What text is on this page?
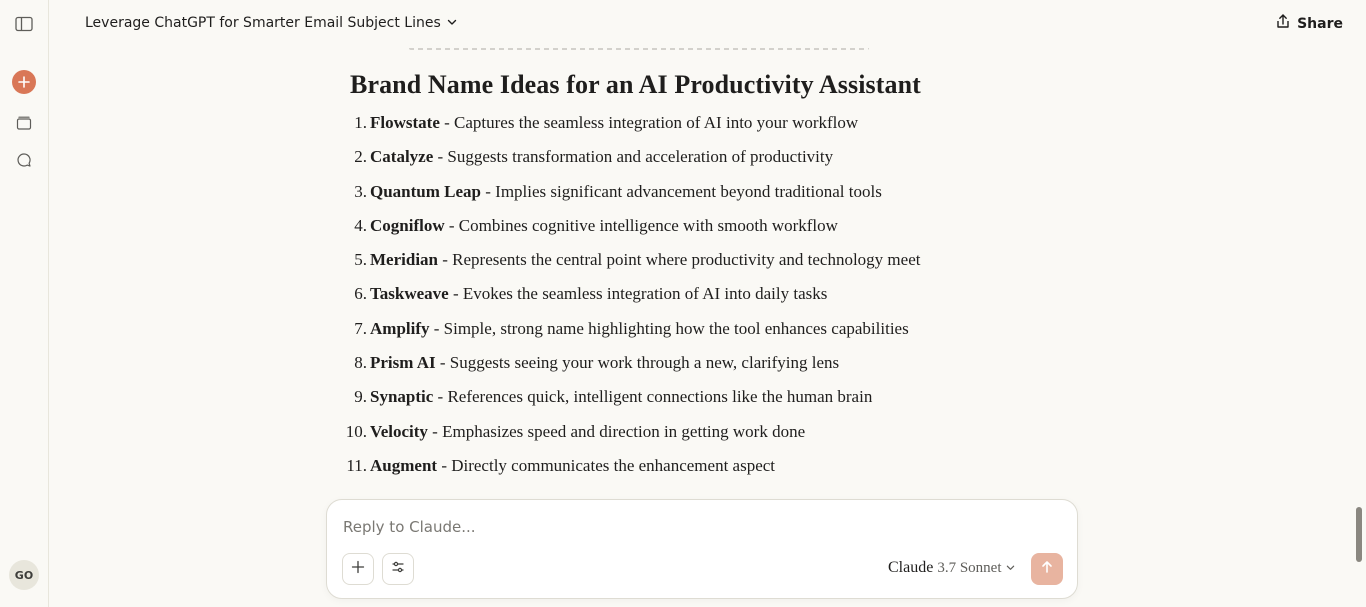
GO
Leverage ChatGPT for Smarter Email Subject Lines	Share
Brand Name Ideas for an AI Productivity Assistant
1. Flowstate - Captures the seamless integration of AI into your workflow
2. Catalyze - Suggests transformation and acceleration of productivity
3. Quantum Leap - Implies significant advancement beyond traditional tools
4. Cogniflow - Combines cognitive intelligence with smooth workflow
5. Meridian - Represents the central point where productivity and technology meet
6. Taskweave - Evokes the seamless integration of AI into daily tasks
7. Amplify - Simple, strong name highlighting how the tool enhances capabilities
8. Prism AI - Suggests seeing your work through a new, clarifying lens
9. Synaptic - References quick, intelligent connections like the human brain
10. Velocity - Emphasizes speed and direction in getting work done
11. Augment - Directly communicates the enhancement aspect
Reply to Claude...
Claude 3.7 Sonnet
